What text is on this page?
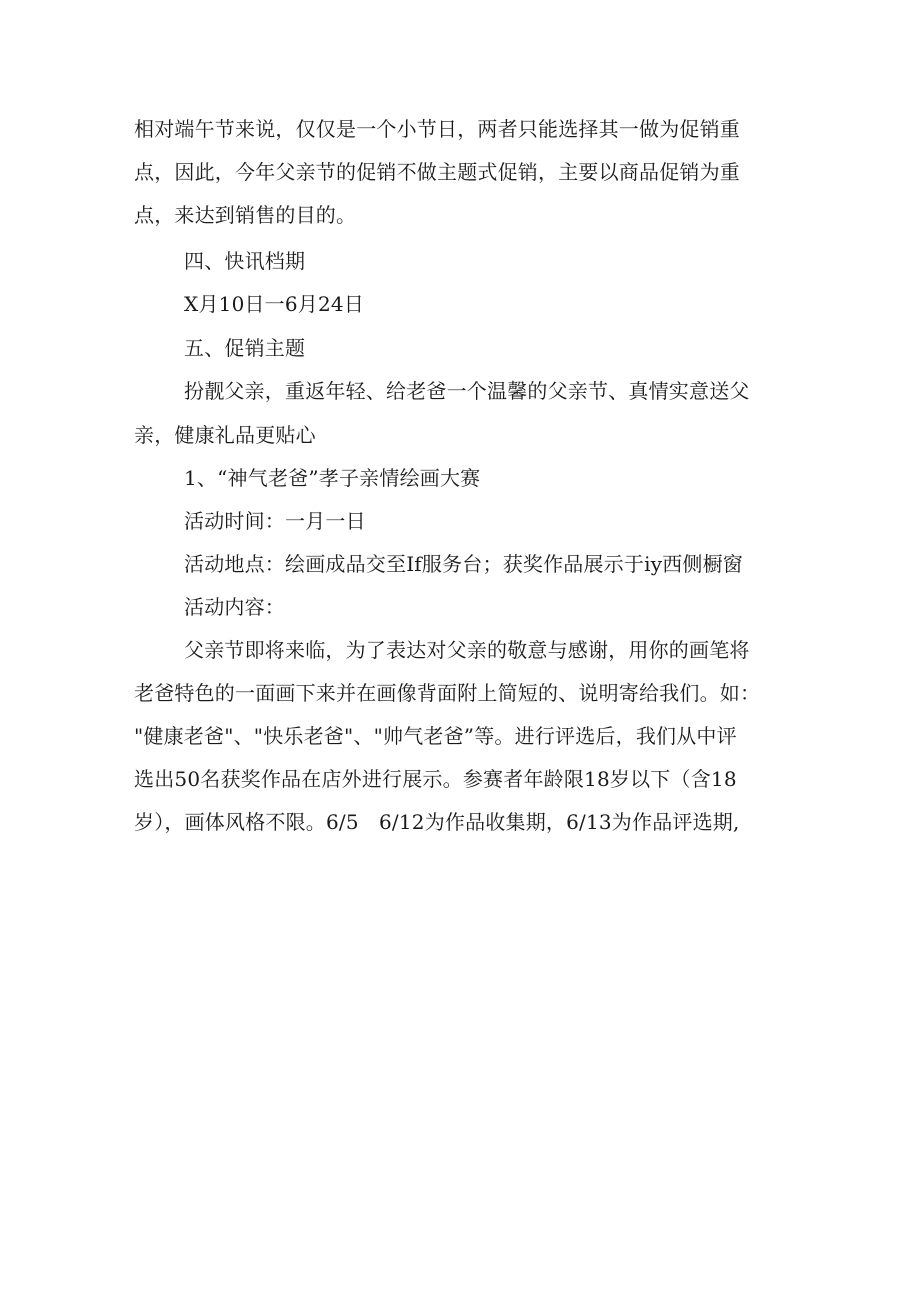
相对端午节来说，仅仅是一个小节日，两者只能选择其一做为促销重
点，因此，今年父亲节的促销不做主题式促销，主要以商品促销为重
点，来达到销售的目的。
四、快讯档期
X月10日一6月24日
五、促销主题
扮靓父亲，重返年轻、给老爸一个温馨的父亲节、真情实意送父
亲，健康礼品更贴心
1、“神气老爸”孝子亲情绘画大赛
活动时间：一月一日
活动地点：绘画成品交至If服务台；获奖作品展示于iy西侧橱窗
活动内容：
父亲节即将来临，为了表达对父亲的敬意与感谢，用你的画笔将
老爸特色的一面画下来并在画像背面附上简短的、说明寄给我们。如：
"健康老爸"、"快乐老爸"、"帅气老爸”等。进行评选后，我们从中评
选出50名获奖作品在店外进行展示。参赛者年龄限18岁以下（含18
岁），画体风格不限。6/5　6/12为作品收集期，6/13为作品评选期,
